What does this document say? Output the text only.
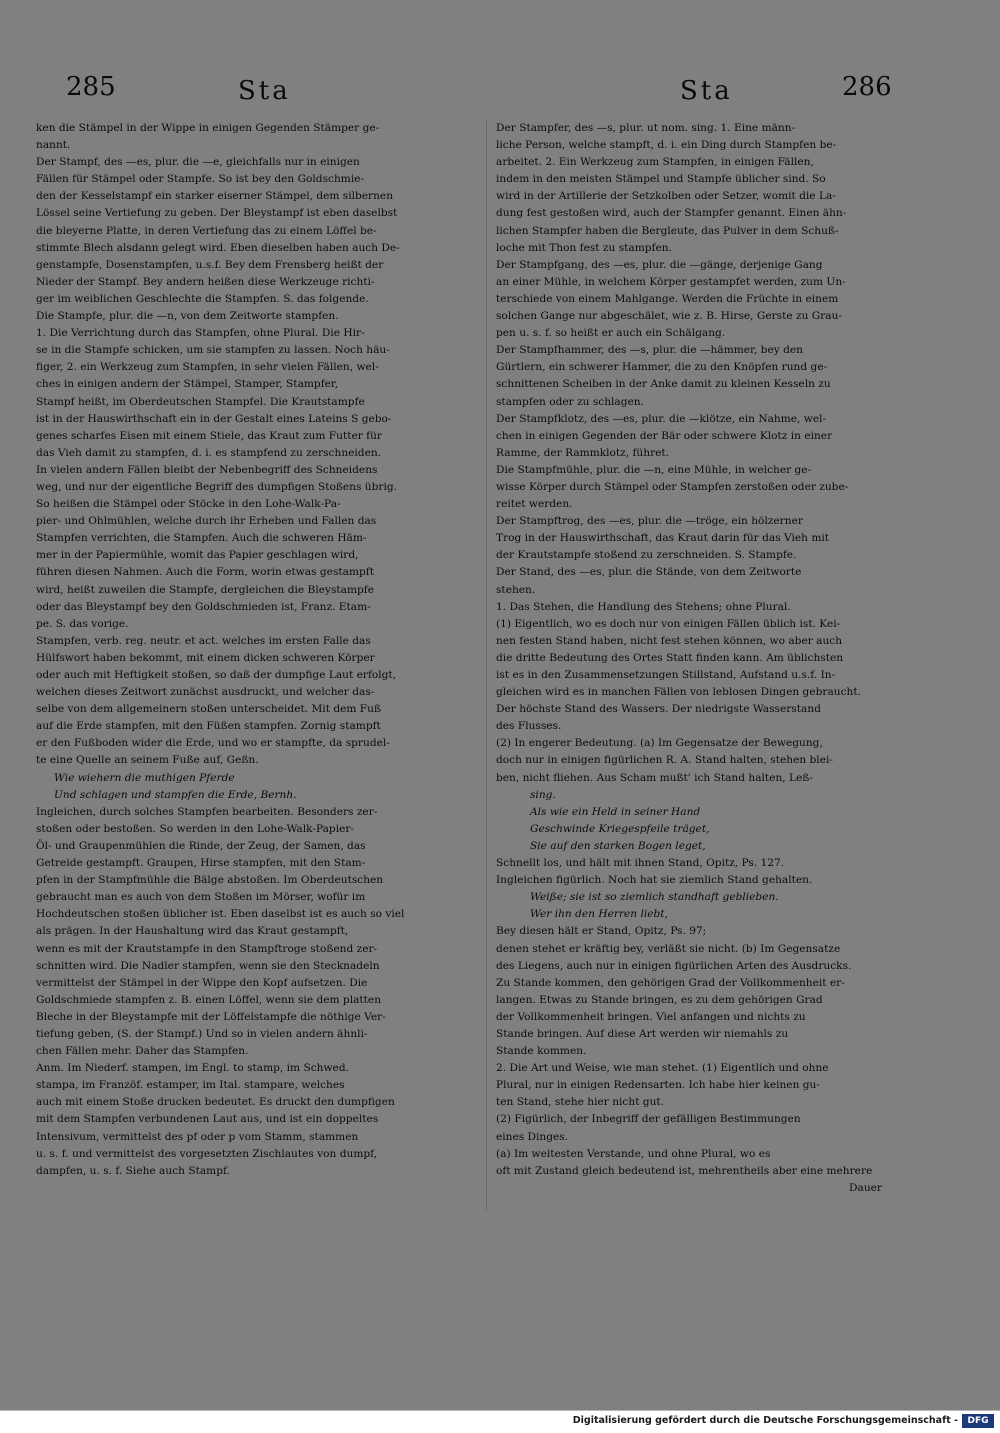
285	Sta	Sta	286

ken die Stämpel in der Wippe in einigen Gegenden Stämper ge-

nannt.

Der Stampf, des —es, plur. die —e, gleichfalls nur in einigen

Fällen für Stämpel oder Stampfe. So ist bey den Goldschmie-

den der Kesselstampf ein starker eiserner Stämpel, dem silbernen

Lössel seine Vertiefung zu geben. Der Bleystampf ist eben daselbst

die bleyerne Platte, in deren Vertiefung das zu einem Löffel be-

stimmte Blech alsdann gelegt wird. Eben dieselben haben auch De-

genstampfe, Dosenstampfen, u.s.f. Bey dem Frensberg heißt der

Nieder der Stampf. Bey andern heißen diese Werkzeuge richti-

ger im weiblichen Geschlechte die Stampfen. S. das folgende.

Die Stampfe, plur. die —n, von dem Zeitworte stampfen.

1. Die Verrichtung durch das Stampfen, ohne Plural. Die Hir-

se in die Stampfe schicken, um sie stampfen zu lassen. Noch häu-

figer, 2. ein Werkzeug zum Stampfen, in sehr vielen Fällen, wel-

ches in einigen andern der Stämpel, Stamper, Stampfer,

Stampf heißt, im Oberdeutschen Stampfel. Die Krautstampfe

ist in der Hauswirthschaft ein in der Gestalt eines Lateins S gebo-

genes scharfes Eisen mit einem Stiele, das Kraut zum Futter für

das Vieh damit zu stampfen, d. i. es stampfend zu zerschneiden.

In vielen andern Fällen bleibt der Nebenbegriff des Schneidens

weg, und nur der eigentliche Begriff des dumpfigen Stoßens übrig.

So heißen die Stämpel oder Stöcke in den Lohe-Walk-Pa-

pier- und Ohlmühlen, welche durch ihr Erheben und Fallen das

Stampfen verrichten, die Stampfen. Auch die schweren Häm-

mer in der Papiermühle, womit das Papier geschlagen wird,

führen diesen Nahmen. Auch die Form, worin etwas gestampft

wird, heißt zuweilen die Stampfe, dergleichen die Bleystampfe

oder das Bleystampf bey den Goldschmieden ist, Franz. Etam-

pe. S. das vorige.

Stampfen, verb. reg. neutr. et act. welches im ersten Falle das

Hülfswort haben bekommt, mit einem dicken schweren Körper

oder auch mit Heftigkeit stoßen, so daß der dumpfige Laut erfolgt,

welchen dieses Zeitwort zunächst ausdruckt, und welcher das-

selbe von dem allgemeinern stoßen unterscheidet. Mit dem Fuß

auf die Erde stampfen, mit den Füßen stampfen. Zornig stampft

er den Fußboden wider die Erde, und wo er stampfte, da sprudel-

te eine Quelle an seinem Fuße auf, Geßn.

Wie wiehern die muthigen Pferde

Und schlagen und stampfen die Erde, Bernh.

Ingleichen, durch solches Stampfen bearbeiten. Besonders zer-

stoßen oder bestoßen. So werden in den Lohe-Walk-Papier-

Öl- und Graupenmühlen die Rinde, der Zeug, der Samen, das

Getreide gestampft. Graupen, Hirse stampfen, mit den Stam-

pfen in der Stampfmühle die Bälge abstoßen. Im Oberdeutschen

gebraucht man es auch von dem Stoßen im Mörser, wofür im

Hochdeutschen stoßen üblicher ist. Eben daselbst ist es auch so viel

als prägen. In der Haushaltung wird das Kraut gestampft,

wenn es mit der Krautstampfe in den Stampftroge stoßend zer-

schnitten wird. Die Nadler stampfen, wenn sie den Stecknadeln

vermittelst der Stämpel in der Wippe den Kopf aufsetzen. Die

Goldschmiede stampfen z. B. einen Löffel, wenn sie dem platten

Bleche in der Bleystampfe mit der Löffelstampfe die nöthige Ver-

tiefung geben, (S. der Stampf.) Und so in vielen andern ähnli-

chen Fällen mehr. Daher das Stampfen.

Anm. Im Niederf. stampen, im Engl. to stamp, im Schwed.

stampa, im Franzöf. estamper, im Ital. stampare, welches

auch mit einem Stoße drucken bedeutet. Es druckt den dumpfigen

mit dem Stampfen verbundenen Laut aus, und ist ein doppeltes

Intensivum, vermittelst des pf oder p vom Stamm, stammen

u. s. f. und vermittelst des vorgesetzten Zischlautes von dumpf,

dampfen, u. s. f. Siehe auch Stampf.

Der Stampfer, des —s, plur. ut nom. sing. 1. Eine männ-

liche Person, welche stampft, d. i. ein Ding durch Stampfen be-

arbeitet. 2. Ein Werkzeug zum Stampfen, in einigen Fällen,

indem in den meisten Stämpel und Stampfe üblicher sind. So

wird in der Artillerie der Setzkolben oder Setzer, womit die La-

dung fest gestoßen wird, auch der Stampfer genannt. Einen ähn-

lichen Stampfer haben die Bergleute, das Pulver in dem Schuß-

loche mit Thon fest zu stampfen.

Der Stampfgang, des —es, plur. die —gänge, derjenige Gang

an einer Mühle, in welchem Körper gestampfet werden, zum Un-

terschiede von einem Mahlgange. Werden die Früchte in einem

solchen Gange nur abgeschälet, wie z. B. Hirse, Gerste zu Grau-

pen u. s. f. so heißt er auch ein Schälgang.

Der Stampfhammer, des —s, plur. die —hämmer, bey den

Gürtlern, ein schwerer Hammer, die zu den Knöpfen rund ge-

schnittenen Scheiben in der Anke damit zu kleinen Kesseln zu

stampfen oder zu schlagen.

Der Stampfklotz, des —es, plur. die —klötze, ein Nahme, wel-

chen in einigen Gegenden der Bär oder schwere Klotz in einer

Ramme, der Rammklotz, führet.

Die Stampfmühle, plur. die —n, eine Mühle, in welcher ge-

wisse Körper durch Stämpel oder Stampfen zerstoßen oder zube-

reitet werden.

Der Stampftrog, des —es, plur. die —tröge, ein hölzerner

Trog in der Hauswirthschaft, das Kraut darin für das Vieh mit

der Krautstampfe stoßend zu zerschneiden. S. Stampfe.

Der Stand, des —es, plur. die Stände, von dem Zeitworte

stehen.

1. Das Stehen, die Handlung des Stehens; ohne Plural.

(1) Eigentlich, wo es doch nur von einigen Fällen üblich ist. Kei-

nen festen Stand haben, nicht fest stehen können, wo aber auch

die dritte Bedeutung des Ortes Statt finden kann. Am üblichsten

ist es in den Zusammensetzungen Stillstand, Aufstand u.s.f. In-

gleichen wird es in manchen Fällen von leblosen Dingen gebraucht.

Der höchste Stand des Wassers. Der niedrigste Wasserstand

des Flusses.

(2) In engerer Bedeutung. (a) Im Gegensatze der Bewegung,

doch nur in einigen figürlichen R. A. Stand halten, stehen blei-

ben, nicht fliehen. Aus Scham mußt' ich Stand halten, Leß-

sing.

Als wie ein Held in seiner Hand

Geschwinde Kriegespfeile träget,

Sie auf den starken Bogen leget,

Schnellt los, und hält mit ihnen Stand, Opitz, Ps. 127.

Ingleichen figürlich. Noch hat sie ziemlich Stand gehalten.

Weiße; sie ist so ziemlich standhaft geblieben.

Wer ihn den Herren liebt,

Bey diesen hält er Stand, Opitz, Ps. 97;

denen stehet er kräftig bey, verläßt sie nicht. (b) Im Gegensatze

des Liegens, auch nur in einigen figürlichen Arten des Ausdrucks.

Zu Stande kommen, den gehörigen Grad der Vollkommenheit er-

langen. Etwas zu Stande bringen, es zu dem gehörigen Grad

der Vollkommenheit bringen. Viel anfangen und nichts zu

Stande bringen. Auf diese Art werden wir niemahls zu

Stande kommen.

2. Die Art und Weise, wie man stehet. (1) Eigentlich und ohne

Plural, nur in einigen Redensarten. Ich habe hier keinen gu-

ten Stand, stehe hier nicht gut.

(2) Figürlich, der Inbegriff der gefälligen Bestimmungen

eines Dinges.

(a) Im weitesten Verstande, und ohne Plural, wo es

oft mit Zustand gleich bedeutend ist, mehrentheils aber eine mehrere

Dauer

Digitalisierung gefördert durch die Deutsche Forschungsgemeinschaft -	DFG
